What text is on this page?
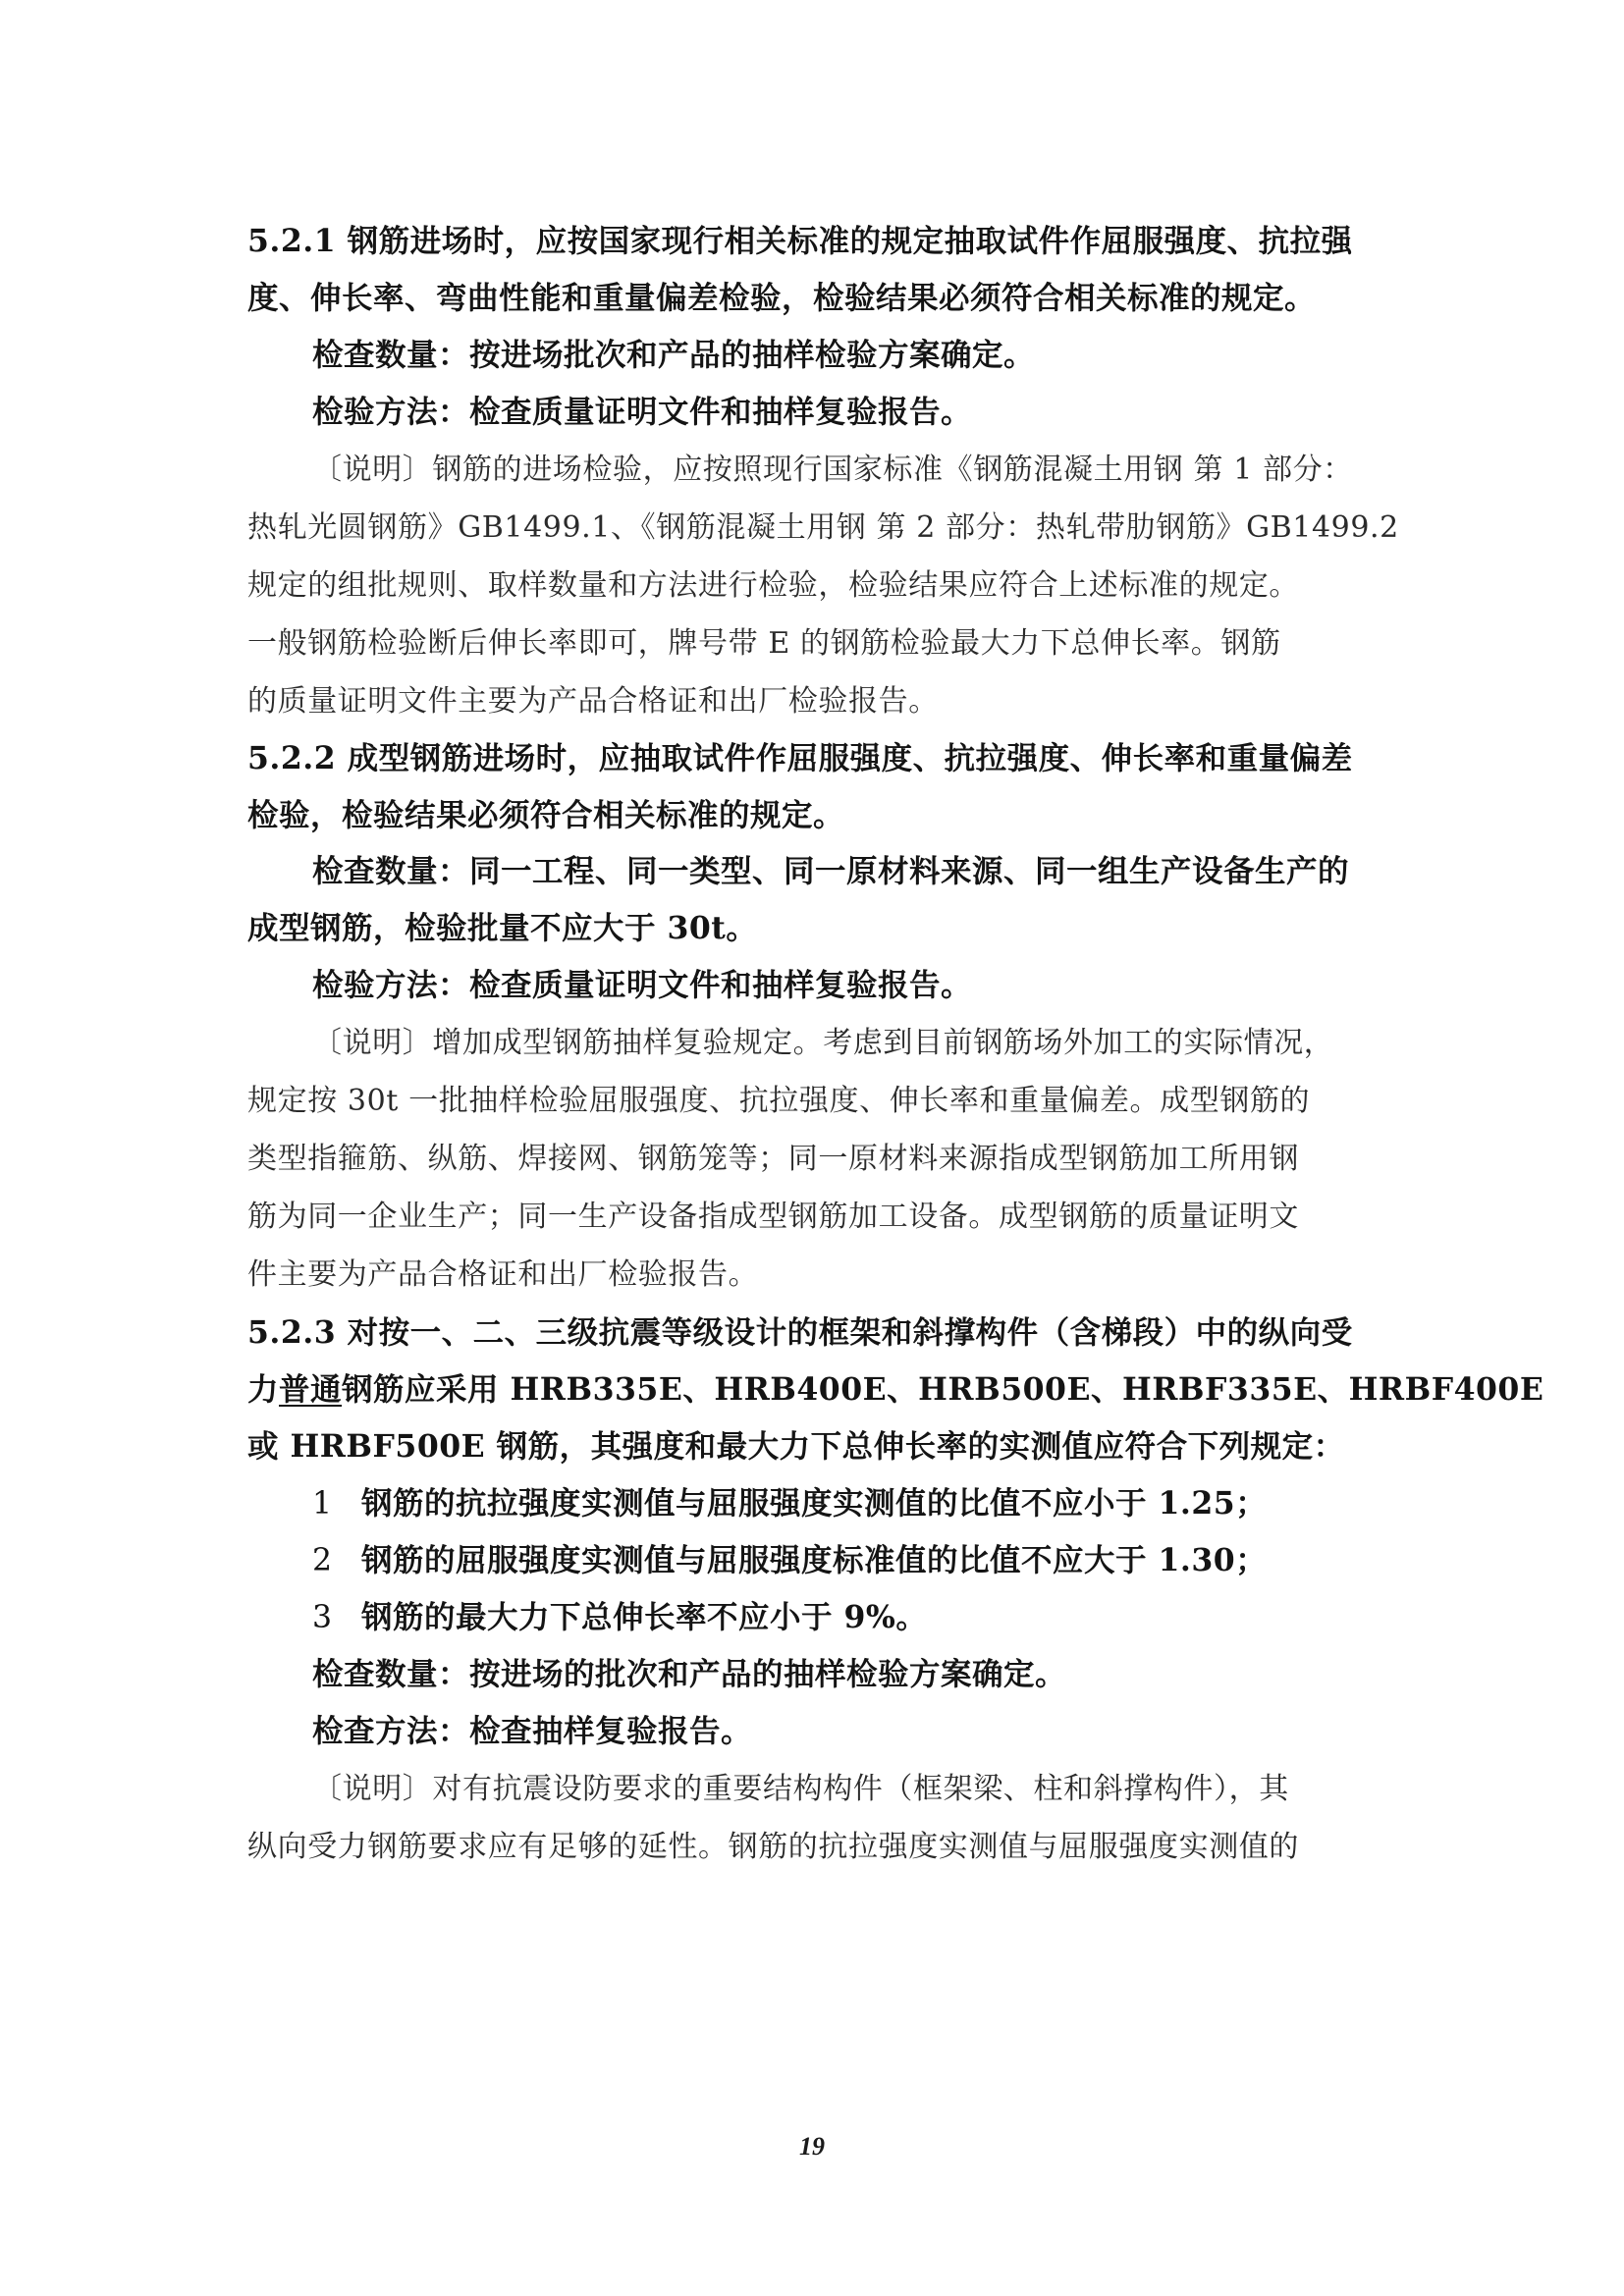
5.2.1 钢筋进场时，应按国家现行相关标准的规定抽取试件作屈服强度、抗拉强
度、伸长率、弯曲性能和重量偏差检验，检验结果必须符合相关标准的规定。
检查数量：按进场批次和产品的抽样检验方案确定。
检验方法：检查质量证明文件和抽样复验报告。
〔说明〕钢筋的进场检验，应按照现行国家标准《钢筋混凝土用钢 第 1 部分：
热轧光圆钢筋》GB1499.1、《钢筋混凝土用钢 第 2 部分：热轧带肋钢筋》GB1499.2
规定的组批规则、取样数量和方法进行检验，检验结果应符合上述标准的规定。
一般钢筋检验断后伸长率即可，牌号带 E 的钢筋检验最大力下总伸长率。钢筋
的质量证明文件主要为产品合格证和出厂检验报告。
5.2.2 成型钢筋进场时，应抽取试件作屈服强度、抗拉强度、伸长率和重量偏差
检验，检验结果必须符合相关标准的规定。
检查数量：同一工程、同一类型、同一原材料来源、同一组生产设备生产的
成型钢筋，检验批量不应大于 30t。
检验方法：检查质量证明文件和抽样复验报告。
〔说明〕增加成型钢筋抽样复验规定。考虑到目前钢筋场外加工的实际情况，
规定按 30t 一批抽样检验屈服强度、抗拉强度、伸长率和重量偏差。成型钢筋的
类型指箍筋、纵筋、焊接网、钢筋笼等；同一原材料来源指成型钢筋加工所用钢
筋为同一企业生产；同一生产设备指成型钢筋加工设备。成型钢筋的质量证明文
件主要为产品合格证和出厂检验报告。
5.2.3 对按一、二、三级抗震等级设计的框架和斜撑构件（含梯段）中的纵向受
力普通钢筋应采用 HRB335E、HRB400E、HRB500E、HRBF335E、HRBF400E
或 HRBF500E 钢筋，其强度和最大力下总伸长率的实测值应符合下列规定：
1 钢筋的抗拉强度实测值与屈服强度实测值的比值不应小于 1.25；
2 钢筋的屈服强度实测值与屈服强度标准值的比值不应大于 1.30；
3 钢筋的最大力下总伸长率不应小于 9%。
检查数量：按进场的批次和产品的抽样检验方案确定。
检查方法：检查抽样复验报告。
〔说明〕对有抗震设防要求的重要结构构件（框架梁、柱和斜撑构件），其
纵向受力钢筋要求应有足够的延性。钢筋的抗拉强度实测值与屈服强度实测值的
19
